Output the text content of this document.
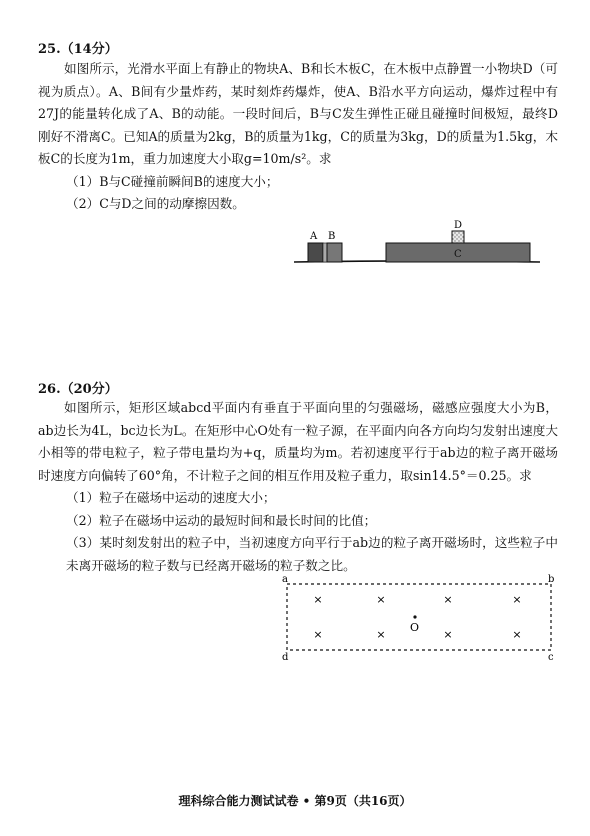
25.（14分）

如图所示，光滑水平面上有静止的物块A、B和长木板C，在木板中点静置一小物块D（可视为质点）。A、B间有少量炸药，某时刻炸药爆炸，使A、B沿水平方向运动，爆炸过程中有27J的能量转化成了A、B的动能。一段时间后，B与C发生弹性正碰且碰撞时间极短，最终D刚好不滑离C。已知A的质量为2kg，B的质量为1kg，C的质量为3kg，D的质量为1.5kg，木板C的长度为1m，重力加速度大小取g=10m/s²。求

（1）B与C碰撞前瞬间B的速度大小；

（2）C与D之间的动摩擦因数。

A B
D
C
26.（20分）

如图所示，矩形区域abcd平面内有垂直于平面向里的匀强磁场，磁感应强度大小为B，ab边长为4L，bc边长为L。在矩形中心O处有一粒子源，在平面内向各方向均匀发射出速度大小相等的带电粒子，粒子带电量均为+q，质量均为m。若初速度平行于ab边的粒子离开磁场时速度方向偏转了60°角，不计粒子之间的相互作用及粒子重力，取sin14.5°＝0.25。求

（1）粒子在磁场中运动的速度大小；

（2）粒子在磁场中运动的最短时间和最长时间的比值；

（3）某时刻发射出的粒子中，当初速度方向平行于ab边的粒子离开磁场时，这些粒子中未离开磁场的粒子数与已经离开磁场的粒子数之比。

a	b
c
d
×	×	×	×
×	×	×	×
O
理科综合能力测试试卷 • 第9页（共16页）
